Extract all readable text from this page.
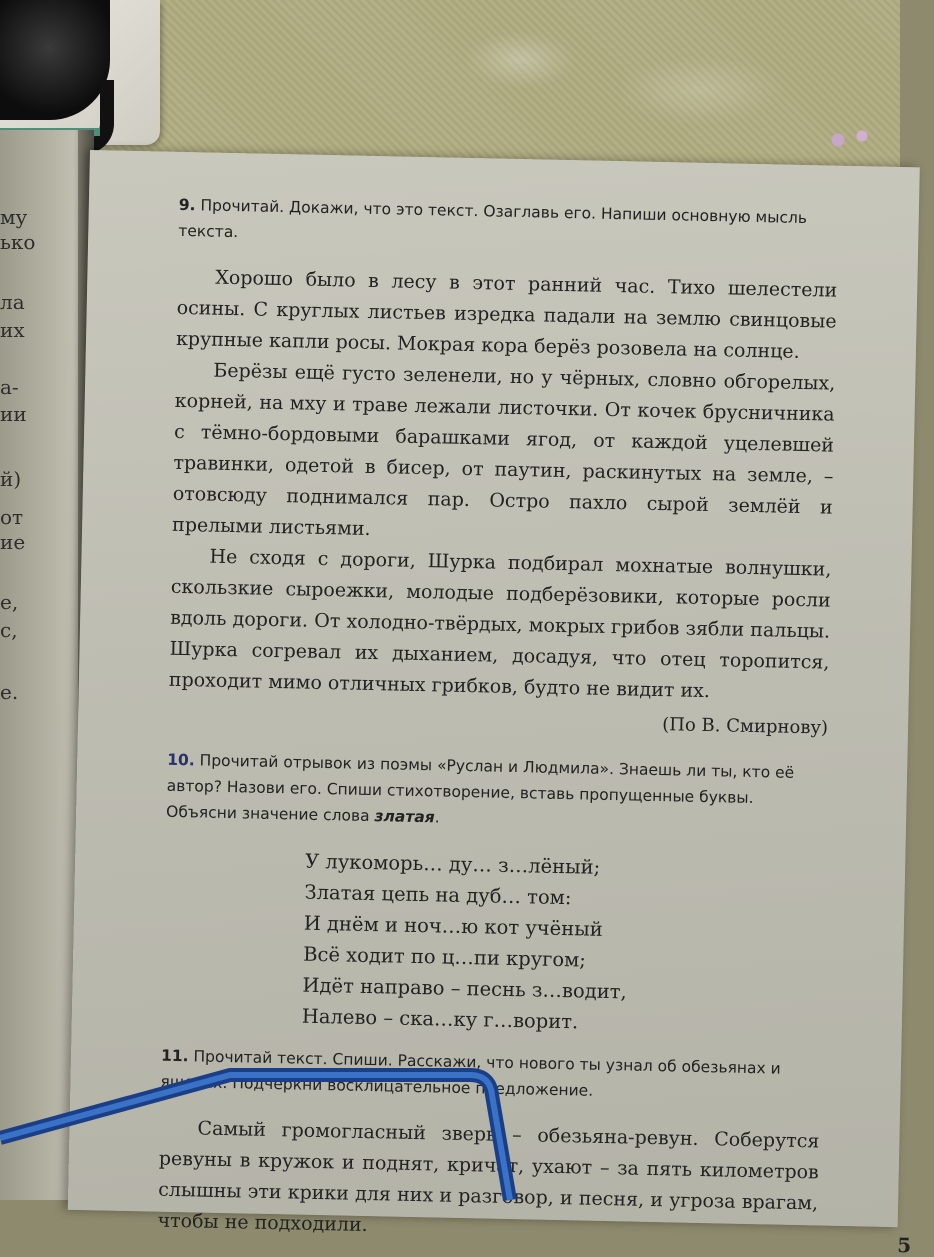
му
ько
ла
их
а-
ии
й)
от
ие
е,
с,
е.

9. Прочитай. Докажи, что это текст. Озаглавь его. Напиши основную мысль текста.

Хорошо было в лесу в этот ранний час. Тихо шелестели осины. С круглых листьев изредка падали на землю свинцовые крупные капли росы. Мокрая кора берёз розовела на солнце.

Берёзы ещё густо зеленели, но у чёрных, словно обгорелых, корней, на мху и траве лежали листочки. От кочек брусничника с тёмно-бордовыми барашками ягод, от каждой уцелевшей травинки, одетой в бисер, от паутин, раскинутых на земле, – отовсюду поднимался пар. Остро пахло сырой землёй и прелыми листьями.

Не сходя с дороги, Шурка подбирал мохнатые волнушки, скользкие сыроежки, молодые подберёзовики, которые росли вдоль дороги. От холодно-твёрдых, мокрых грибов зябли пальцы. Шурка согревал их дыханием, досадуя, что отец торопится, проходит мимо отличных грибков, будто не видит их.

(По В. Смирнову)

10. Прочитай отрывок из поэмы «Руслан и Людмила». Знаешь ли ты, кто её автор? Назови его. Спиши стихотворение, вставь пропущенные буквы. Объясни значение слова златая.

У лукоморь… ду… з…лёный;
Златая цепь на дуб… том:
И днём и ноч…ю кот учёный
Всё ходит по ц…пи кругом;
Идёт направо – песнь з…водит,
Налево – ска…ку г…ворит.

11. Прочитай текст. Спиши. Расскажи, что нового ты узнал об обезьянах и ящерах. Подчеркни восклицательное предложение.

Самый громогласный зверь – обезьяна-ревун. Соберутся ревуны в кружок и поднят, кричат, ухают – за пять километров слышны эти крики для них и разговор, и песня, и угроза врагам, чтобы не подходили.

5
